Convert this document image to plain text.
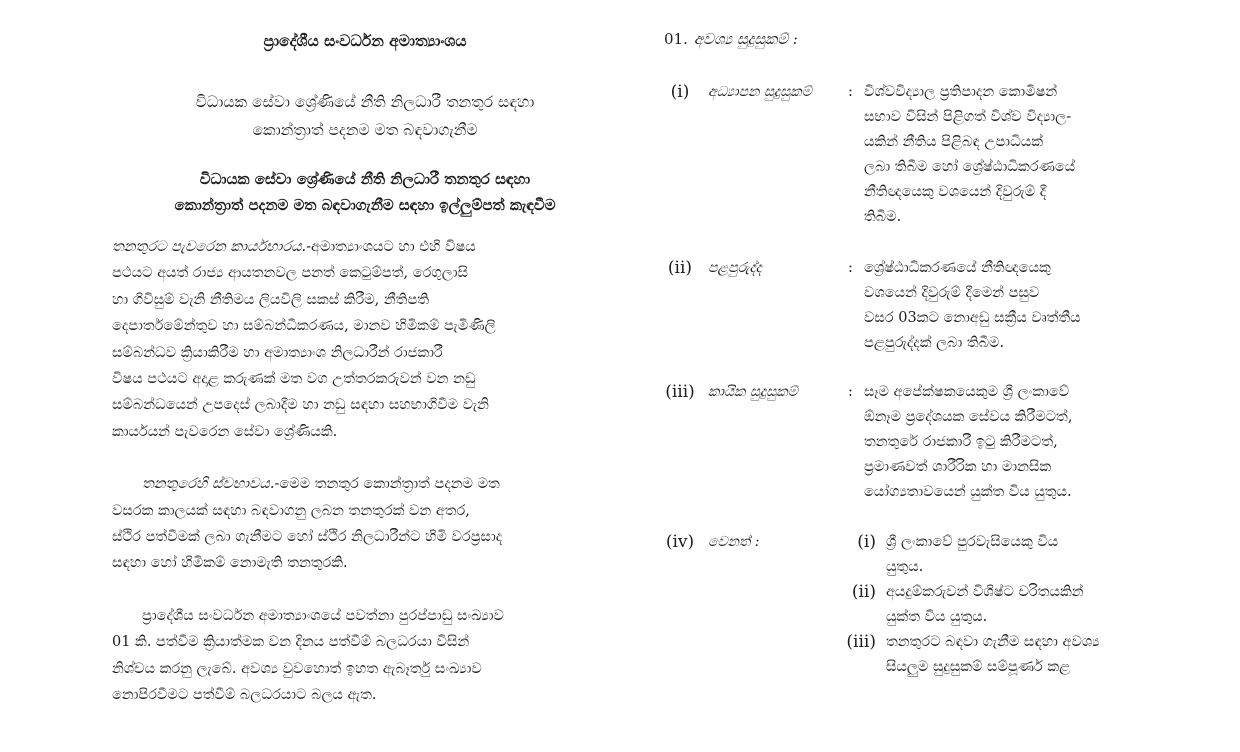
ප්‍රාදේශීය සංවර්ධන අමාත්‍යාංශය
විධායක සේවා ශ්‍රේණියේ නීති නිලධාරී තනතුර සඳහා
කොන්ත්‍රාත් පදනම මත බඳවාගැනීම
විධායක සේවා ශ්‍රේණියේ නීති නිලධාරී තනතුර සඳහා
කොන්ත්‍රාත් පදනම මත බඳවාගැනීම සඳහා ඉල්ලුම්පත් කැඳවීම
තනතුරට පැවරෙන කාර්යභාරය.-අමාත්‍යාංශයට හා එහි විෂය
පථයට අයත් රාජ්‍ය ආයතනවල පනත් කෙටුම්පත්, රෙගුලාසි
හා ගිවිසුම් වැනි නීතිමය ලියවිලි සකස් කිරීම, නීතිපති
දෙපාර්තමේන්තුව හා සම්බන්ධීකරණය, මානව හිමිකම් පැමිණිලි
සම්බන්ධව ක්‍රියාකිරීම හා අමාත්‍යාංශ නිලධාරීන් රාජකාරී
විෂය පථයට අදාළ කරුණක් මත වග උත්තරකරුවන් වන නඩු
සම්බන්ධයෙන් උපදෙස් ලබාදීම හා නඩු සඳහා සහභාගිවීම වැනි
කාර්යයන් පැවරෙන සේවා ශ්‍රේණියකි.
තනතුරෙහි ස්වභාවය.-මෙම තනතුර කොන්ත්‍රාත් පදනම මත
වසරක කාලයක් සඳහා බඳවාගනු ලබන තනතුරක් වන අතර,
ස්ථිර පත්වීමක් ලබා ගැනීමට හෝ ස්ථිර නිලධාරීන්ට හිමි වරප්‍රසාද
සඳහා හෝ හිමිකම් නොමැති තනතුරකි.
ප්‍රාදේශීය සංවර්ධන අමාත්‍යාංශයේ පවත්නා පුරප්පාඩු සංඛ්‍යාව
01 කි. පත්වීම ක්‍රියාත්මක වන දිනය පත්වීම් බලධරයා විසින්
නිශ්චය කරනු ලැබේ. අවශ්‍ය වුවහොත් ඉහත ඇබෑර්තු සංඛ්‍යාව
නොපිරවීමට පත්වීම් බලධරයාට බලය ඇත.
01. අවශ්‍ය සුදුසුකම් :
(i)	අධ්‍යාපන සුදුසුකම්	: විශ්වවිද්‍යාල ප්‍රතිපාදන කොමිෂන්
සභාව විසින් පිළිගත් විශ්ව විද්‍යාල-
යකින් නීතිය පිළිබඳ උපාධියක්
ලබා තිබීම හෝ ශ්‍රේෂ්ඨාධිකරණයේ
නීතිඥයෙකු වශයෙන් දිවුරුම් දී
තිබීම.
(ii)	පළපුරුද්ද	: ශ්‍රේෂ්ඨාධිකරණයේ නීතිඥයෙකු
වශයෙන් දිවුරුම් දීමෙන් පසුව
වසර 03කට නොඅඩු සක්‍රීය වෘත්තීය
පළපුරුද්දක් ලබා තිබීම.
(iii) කායික සුදුසුකම්	: සෑම අපේක්ෂකයෙකුම ශ්‍රී ලංකාවේ
ඕනෑම ප්‍රදේශයක සේවය කිරීමටත්,
තනතුරේ රාජකාරී ඉටු කිරීමටත්,
ප්‍රමාණවත් ශාරීරික හා මානසික
යෝග්‍යතාවයෙන් යුක්ත විය යුතුය.
(iv) වෙනත් :	(i) ශ්‍රී ලංකාවේ පුරවැසියෙකු විය
යුතුය.
(ii) අයදුම්කරුවන් විශිෂ්ට චරිතයකින්
යුක්ත විය යුතුය.
(iii) තනතුරට බඳවා ගැනීම සඳහා අවශ්‍ය
සියලුම සුදුසුකම් සම්පූර්ණ කළ
